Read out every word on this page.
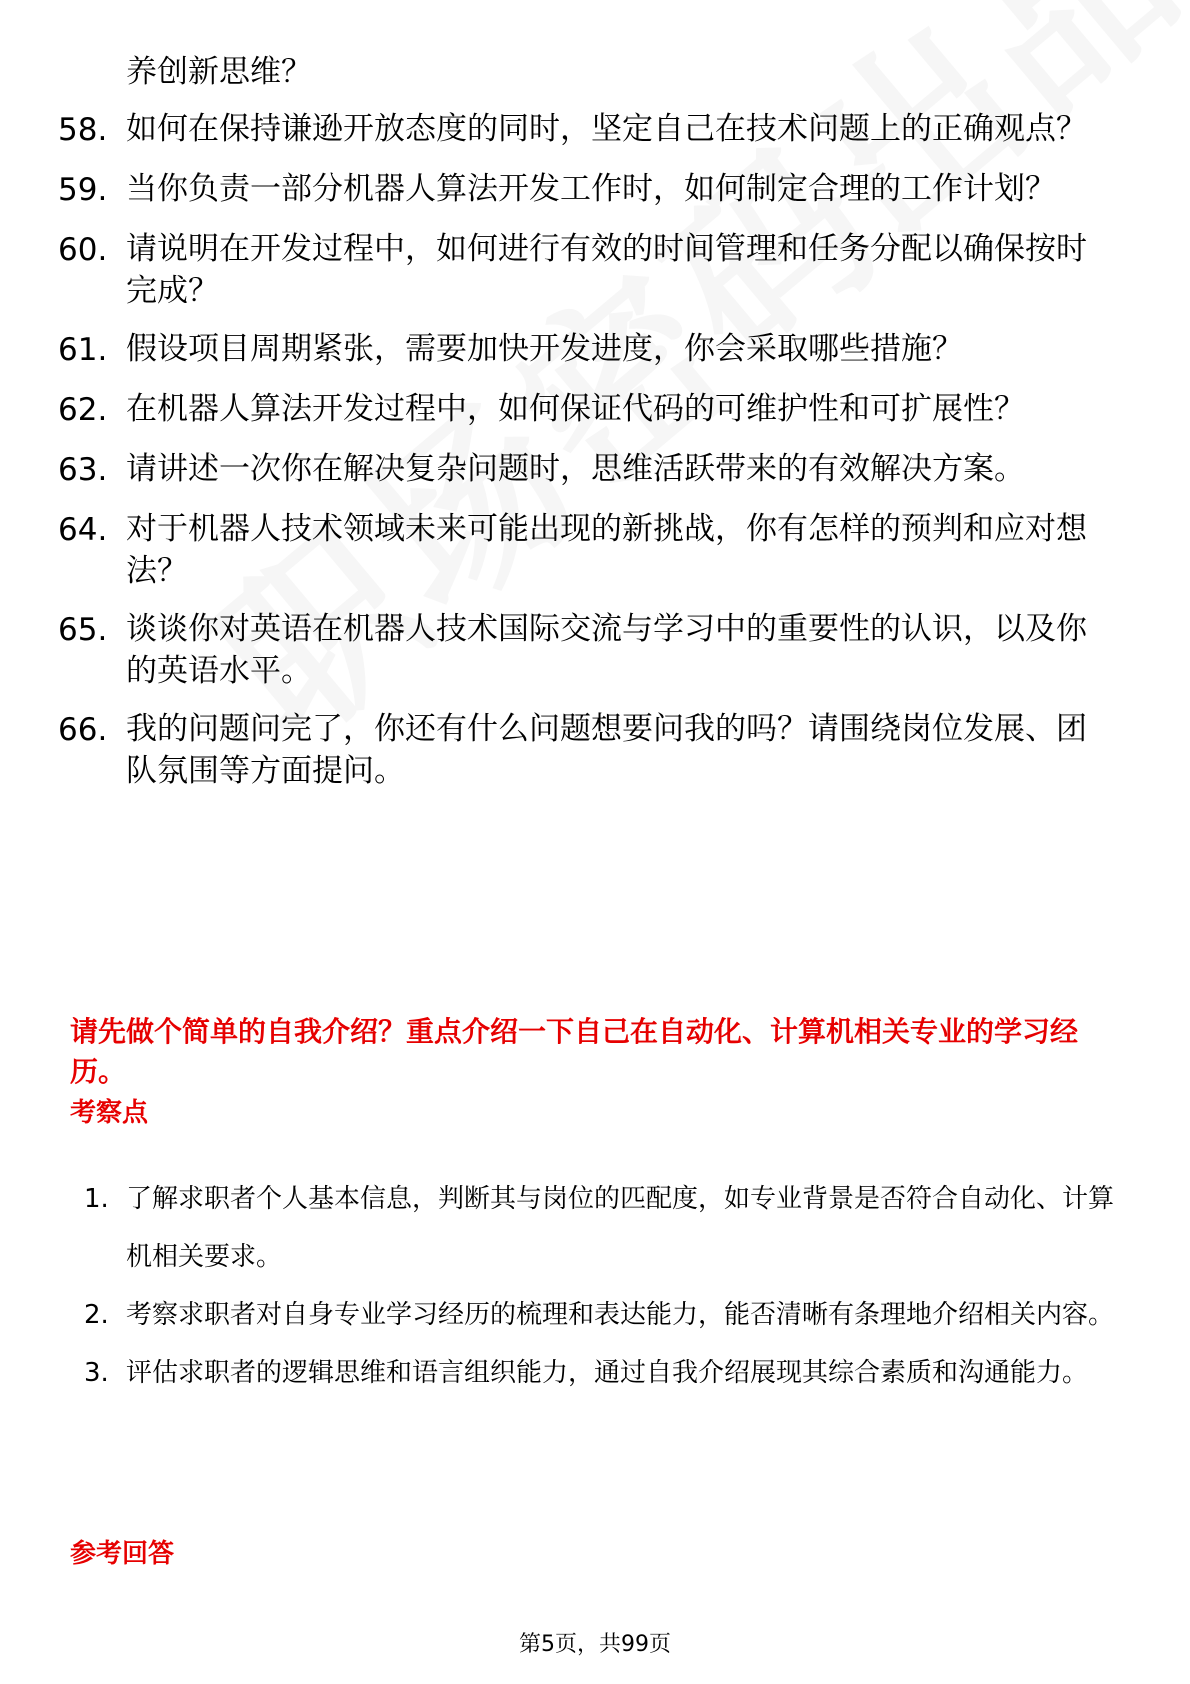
养创新思维？
58. 如何在保持谦逊开放态度的同时，坚定自己在技术问题上的正确观点？
59. 当你负责一部分机器人算法开发工作时，如何制定合理的工作计划？
60. 请说明在开发过程中，如何进行有效的时间管理和任务分配以确保按时完成？
61. 假设项目周期紧张，需要加快开发进度，你会采取哪些措施？
62. 在机器人算法开发过程中，如何保证代码的可维护性和可扩展性？
63. 请讲述一次你在解决复杂问题时，思维活跃带来的有效解决方案。
64. 对于机器人技术领域未来可能出现的新挑战，你有怎样的预判和应对想法？
65. 谈谈你对英语在机器人技术国际交流与学习中的重要性的认识，以及你的英语水平。
66. 我的问题问完了，你还有什么问题想要问我的吗？请围绕岗位发展、团队氛围等方面提问。
请先做个简单的自我介绍？重点介绍一下自己在自动化、计算机相关专业的学习经历。
考察点
1. 了解求职者个人基本信息，判断其与岗位的匹配度，如专业背景是否符合自动化、计算机相关要求。
2. 考察求职者对自身专业学习经历的梳理和表达能力，能否清晰有条理地介绍相关内容。
3. 评估求职者的逻辑思维和语言组织能力，通过自我介绍展现其综合素质和沟通能力。
参考回答
第5页，共99页
